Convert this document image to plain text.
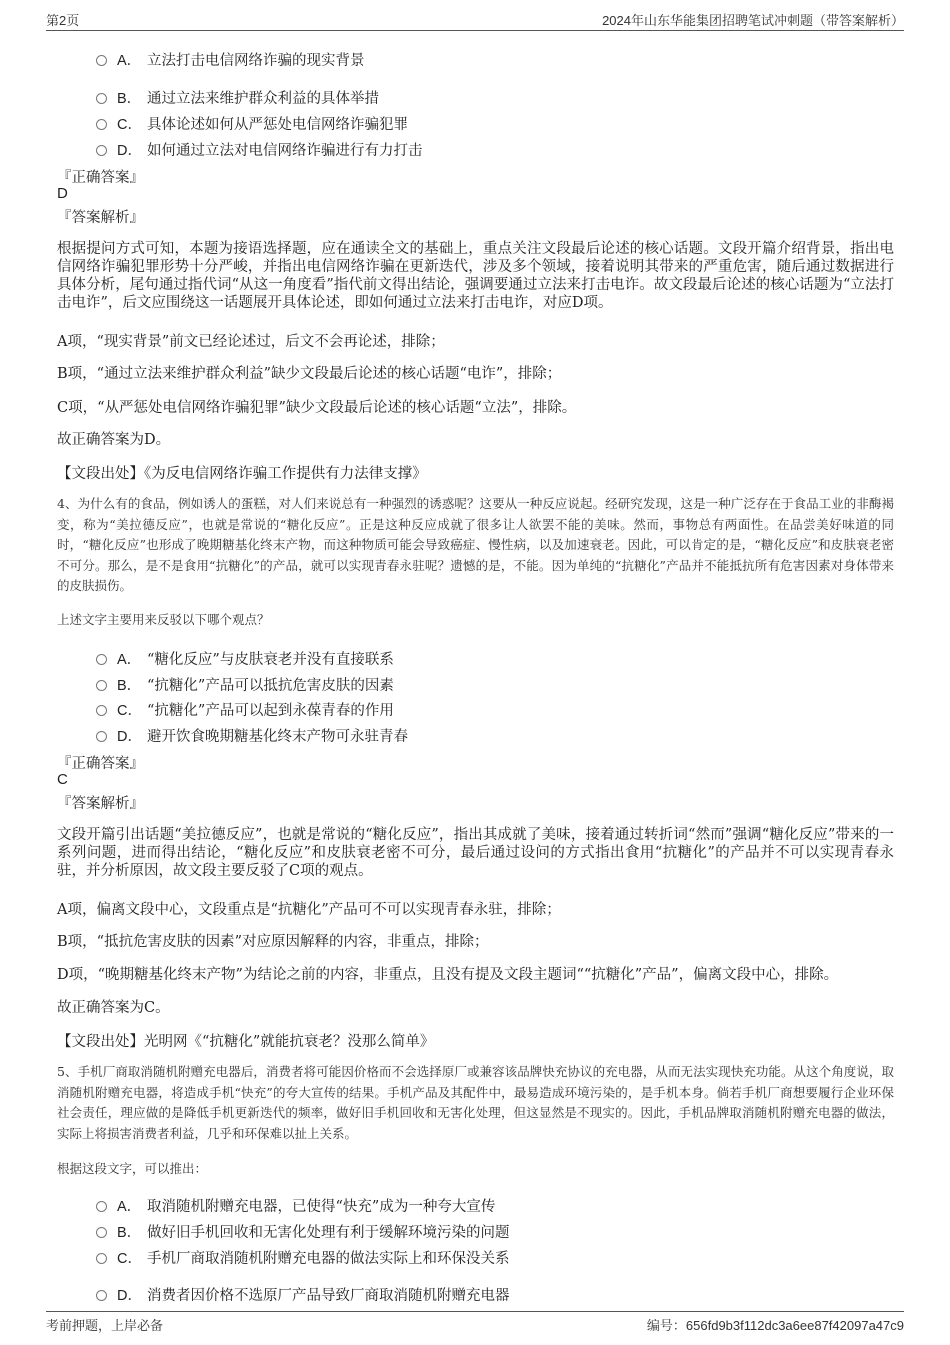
第2页	2024年山东华能集团招聘笔试冲刺题（带答案解析）
A． 立法打击电信网络诈骗的现实背景
B． 通过立法来维护群众利益的具体举措
C． 具体论述如何从严惩处电信网络诈骗犯罪
D． 如何通过立法对电信网络诈骗进行有力打击
『正确答案』
D
『答案解析』
根据提问方式可知，本题为接语选择题，应在通读全文的基础上，重点关注文段最后论述的核心话题。文段开篇介绍背景，指出电信网络诈骗犯罪形势十分严峻，并指出电信网络诈骗在更新迭代，涉及多个领域，接着说明其带来的严重危害，随后通过数据进行具体分析，尾句通过指代词“从这一角度看”指代前文得出结论，强调要通过立法来打击电诈。故文段最后论述的核心话题为“立法打击电诈”，后文应围绕这一话题展开具体论述，即如何通过立法来打击电诈，对应D项。
A项，“现实背景”前文已经论述过，后文不会再论述，排除；
B项，“通过立法来维护群众利益”缺少文段最后论述的核心话题“电诈”，排除；
C项，“从严惩处电信网络诈骗犯罪”缺少文段最后论述的核心话题“立法”，排除。
故正确答案为D。
【文段出处】《为反电信网络诈骗工作提供有力法律支撑》
4、为什么有的食品，例如诱人的蛋糕，对人们来说总有一种强烈的诱惑呢？这要从一种反应说起。经研究发现，这是一种广泛存在于食品工业的非酶褐变，称为“美拉德反应”，也就是常说的“糖化反应”。正是这种反应成就了很多让人欲罢不能的美味。然而，事物总有两面性。在品尝美好味道的同时，“糖化反应”也形成了晚期糖基化终末产物，而这种物质可能会导致癌症、慢性病，以及加速衰老。因此，可以肯定的是，“糖化反应”和皮肤衰老密不可分。那么，是不是食用“抗糖化”的产品，就可以实现青春永驻呢？遗憾的是，不能。因为单纯的“抗糖化”产品并不能抵抗所有危害因素对身体带来的皮肤损伤。
上述文字主要用来反驳以下哪个观点？
A． “糖化反应”与皮肤衰老并没有直接联系
B． “抗糖化”产品可以抵抗危害皮肤的因素
C． “抗糖化”产品可以起到永葆青春的作用
D． 避开饮食晚期糖基化终末产物可永驻青春
『正确答案』
C
『答案解析』
文段开篇引出话题“美拉德反应”，也就是常说的“糖化反应”，指出其成就了美味，接着通过转折词“然而”强调“糖化反应”带来的一系列问题，进而得出结论，“糖化反应”和皮肤衰老密不可分，最后通过设问的方式指出食用“抗糖化”的产品并不可以实现青春永驻，并分析原因，故文段主要反驳了C项的观点。
A项，偏离文段中心，文段重点是“抗糖化”产品可不可以实现青春永驻，排除；
B项，“抵抗危害皮肤的因素”对应原因解释的内容，非重点，排除；
D项，“晚期糖基化终末产物”为结论之前的内容，非重点，且没有提及文段主题词““抗糖化”产品”，偏离文段中心，排除。
故正确答案为C。
【文段出处】光明网《“抗糖化”就能抗衰老？没那么简单》
5、手机厂商取消随机附赠充电器后，消费者将可能因价格而不会选择原厂或兼容该品牌快充协议的充电器，从而无法实现快充功能。从这个角度说，取消随机附赠充电器，将造成手机“快充”的夸大宣传的结果。手机产品及其配件中，最易造成环境污染的，是手机本身。倘若手机厂商想要履行企业环保社会责任，理应做的是降低手机更新迭代的频率，做好旧手机回收和无害化处理，但这显然是不现实的。因此，手机品牌取消随机附赠充电器的做法，实际上将损害消费者利益，几乎和环保难以扯上关系。
根据这段文字，可以推出：
A． 取消随机附赠充电器，已使得“快充”成为一种夸大宣传
B． 做好旧手机回收和无害化处理有利于缓解环境污染的问题
C． 手机厂商取消随机附赠充电器的做法实际上和环保没关系
D． 消费者因价格不选原厂产品导致厂商取消随机附赠充电器
考前押题，上岸必备	编号：656fd9b3f112dc3a6ee87f42097a47c9
